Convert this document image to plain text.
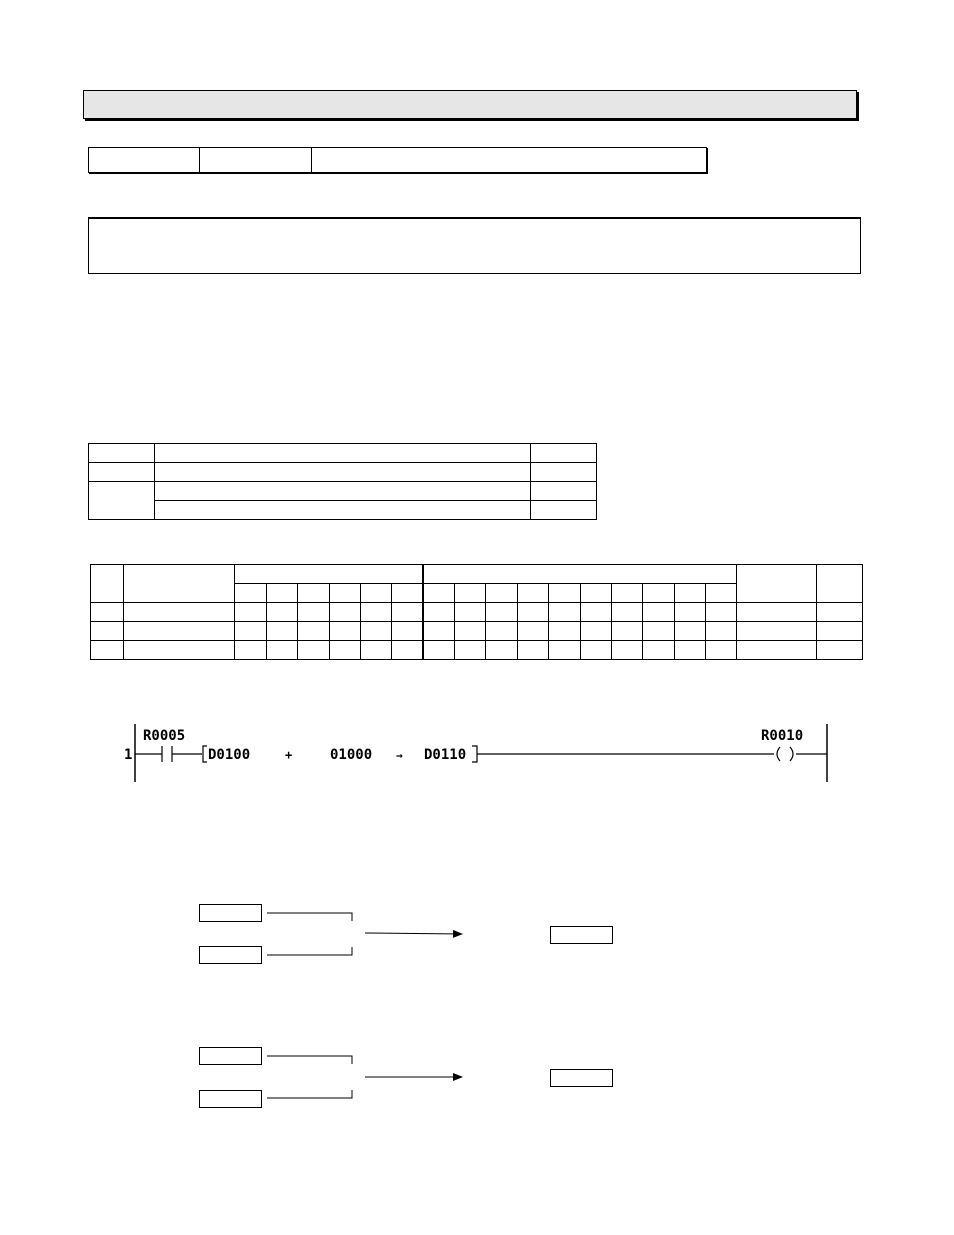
1
R0005
D0100	+	01000 → D0110
R0010
